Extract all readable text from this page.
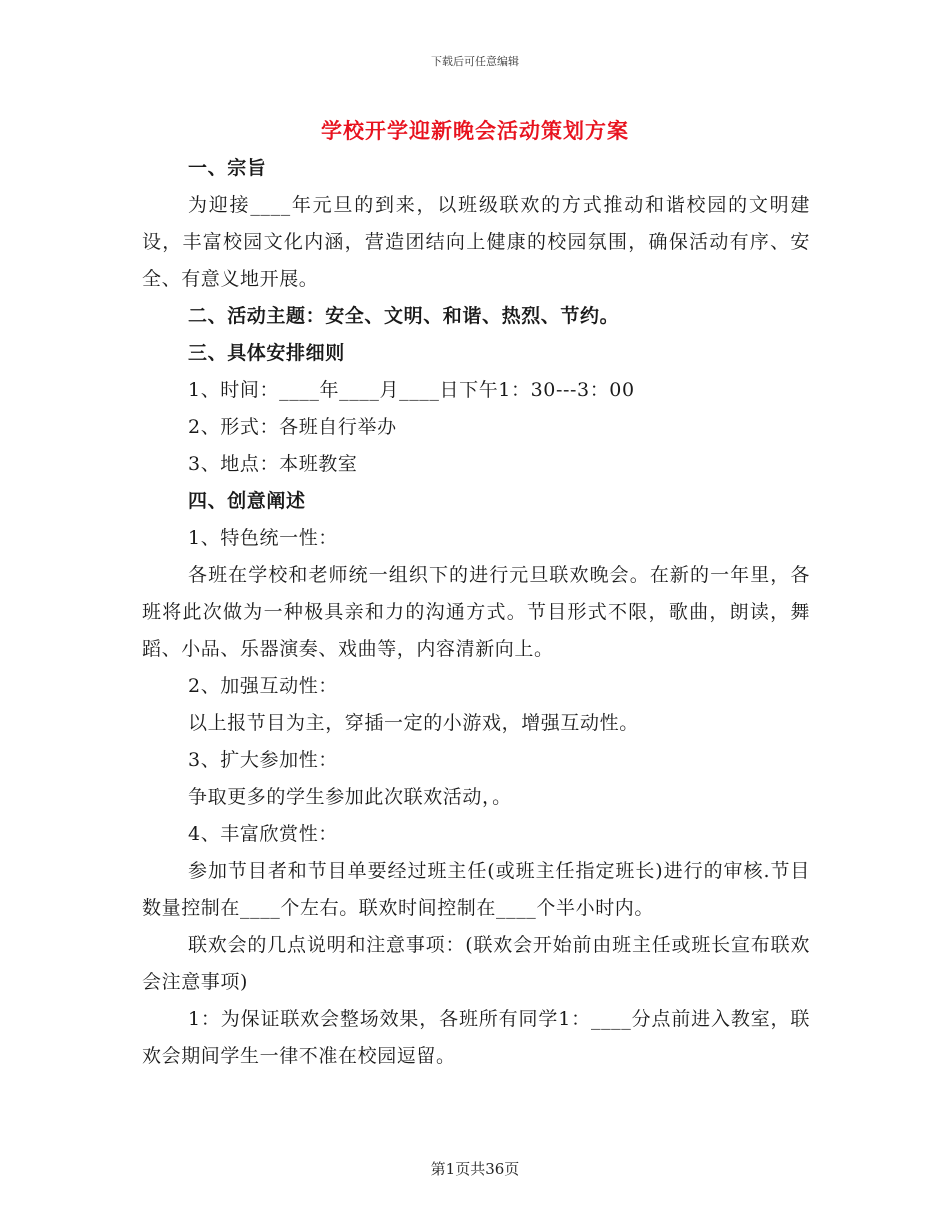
下载后可任意编辑
学校开学迎新晚会活动策划方案
一、宗旨
为迎接____年元旦的到来，以班级联欢的方式推动和谐校园的文明建设，丰富校园文化内涵，营造团结向上健康的校园氛围，确保活动有序、安全、有意义地开展。
二、活动主题：安全、文明、和谐、热烈、节约。
三、具体安排细则
1、时间：____年____月____日下午1：30---3：00
2、形式：各班自行举办
3、地点：本班教室
四、创意阐述
1、特色统一性：
各班在学校和老师统一组织下的进行元旦联欢晚会。在新的一年里，各班将此次做为一种极具亲和力的沟通方式。节目形式不限，歌曲，朗读，舞蹈、小品、乐器演奏、戏曲等，内容清新向上。
2、加强互动性：
以上报节目为主，穿插一定的小游戏，增强互动性。
3、扩大参加性：
争取更多的学生参加此次联欢活动，。
4、丰富欣赏性：
参加节目者和节目单要经过班主任(或班主任指定班长)进行的审核.节目数量控制在____个左右。联欢时间控制在____个半小时内。
联欢会的几点说明和注意事项：(联欢会开始前由班主任或班长宣布联欢会注意事项)
1：为保证联欢会整场效果，各班所有同学1：____分点前进入教室，联欢会期间学生一律不准在校园逗留。
第1页共36页
